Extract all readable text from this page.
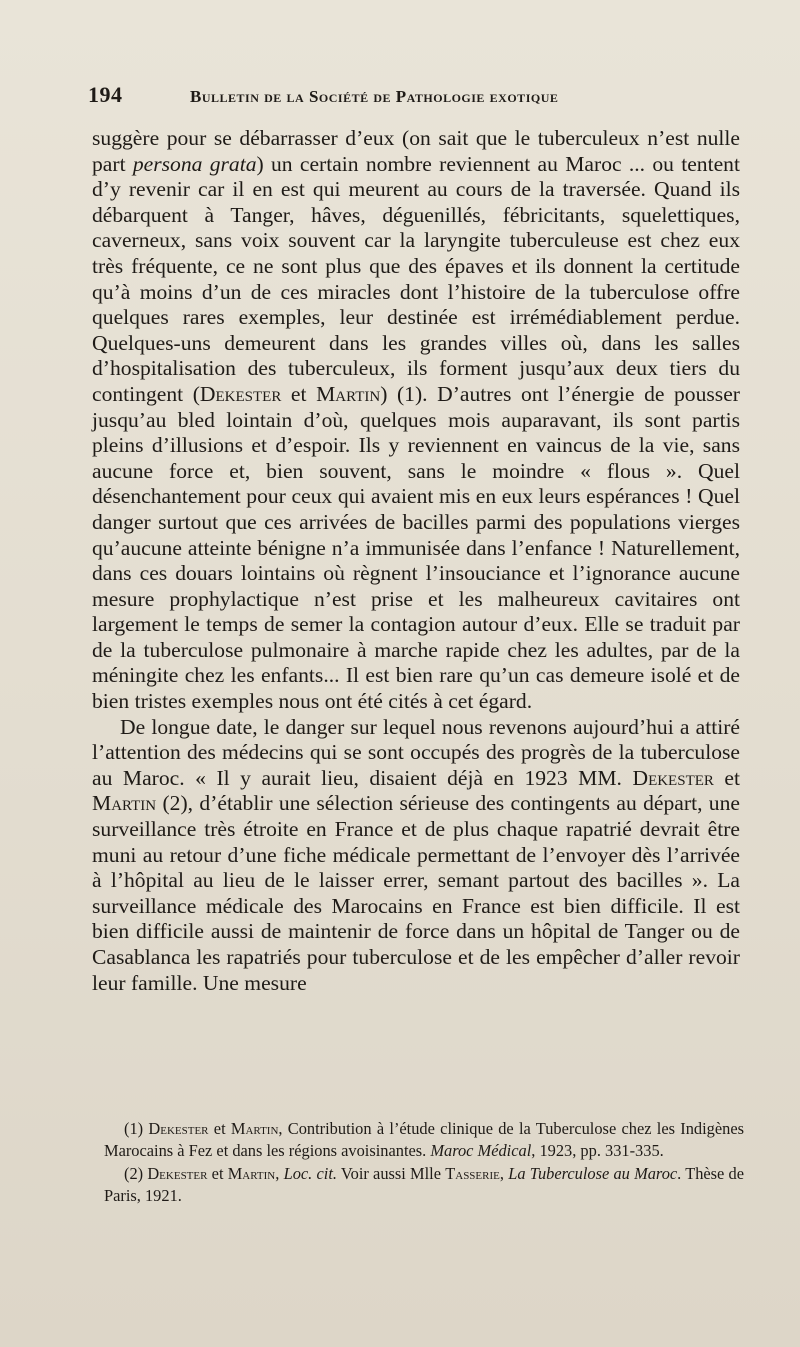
194	Bulletin de la Société de Pathologie exotique

suggère pour se débarrasser d’eux (on sait que le tuberculeux n’est nulle part persona grata) un certain nombre reviennent au Maroc ... ou tentent d’y revenir car il en est qui meurent au cours de la traversée. Quand ils débarquent à Tanger, hâves, déguenillés, fébricitants, squelettiques, caverneux, sans voix souvent car la laryngite tuberculeuse est chez eux très fréquente, ce ne sont plus que des épaves et ils donnent la certitude qu’à moins d’un de ces miracles dont l’histoire de la tuberculose offre quelques rares exemples, leur destinée est irrémédiablement perdue. Quelques-uns demeurent dans les grandes villes où, dans les salles d’hospitalisation des tuberculeux, ils forment jusqu’aux deux tiers du contingent (Dekester et Martin) (1). D’autres ont l’énergie de pousser jusqu’au bled lointain d’où, quelques mois auparavant, ils sont partis pleins d’illusions et d’espoir. Ils y reviennent en vaincus de la vie, sans aucune force et, bien souvent, sans le moindre « flous ». Quel désenchantement pour ceux qui avaient mis en eux leurs espérances ! Quel danger surtout que ces arrivées de bacilles parmi des populations vierges qu’aucune atteinte bénigne n’a immunisée dans l’enfance ! Naturellement, dans ces douars lointains où règnent l’insouciance et l’ignorance aucune mesure prophylactique n’est prise et les malheureux cavitaires ont largement le temps de semer la contagion autour d’eux. Elle se traduit par de la tuberculose pulmonaire à marche rapide chez les adultes, par de la méningite chez les enfants... Il est bien rare qu’un cas demeure isolé et de bien tristes exemples nous ont été cités à cet égard.

De longue date, le danger sur lequel nous revenons aujourd’hui a attiré l’attention des médecins qui se sont occupés des progrès de la tuberculose au Maroc. « Il y aurait lieu, disaient déjà en 1923 MM. Dekester et Martin (2), d’établir une sélection sérieuse des contingents au départ, une surveillance très étroite en France et de plus chaque rapatrié devrait être muni au retour d’une fiche médicale permettant de l’envoyer dès l’arrivée à l’hôpital au lieu de le laisser errer, semant partout des bacilles ». La surveillance médicale des Marocains en France est bien difficile. Il est bien difficile aussi de maintenir de force dans un hôpital de Tanger ou de Casablanca les rapatriés pour tuberculose et de les empêcher d’aller revoir leur famille. Une mesure

(1) Dekester et Martin, Contribution à l’étude clinique de la Tuberculose chez les Indigènes Marocains à Fez et dans les régions avoisinantes. Maroc Médical, 1923, pp. 331-335.

(2) Dekester et Martin, Loc. cit. Voir aussi Mlle Tasserie, La Tuberculose au Maroc. Thèse de Paris, 1921.
